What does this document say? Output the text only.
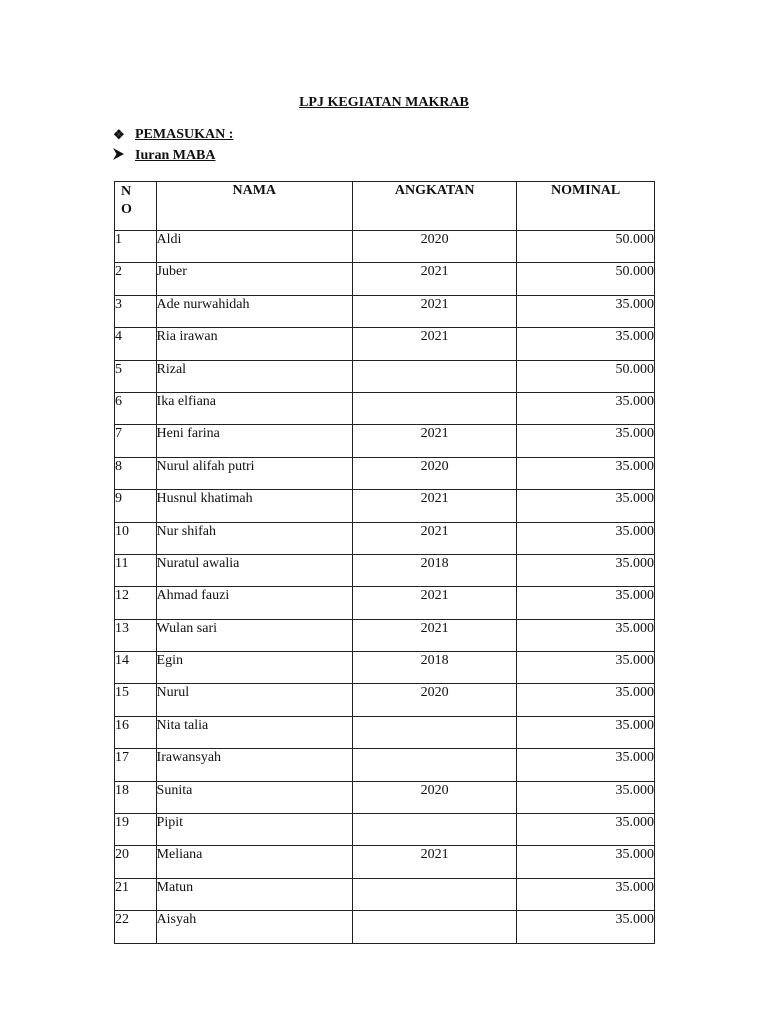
LPJ KEGIATAN MAKRAB
❖ PEMASUKAN :
Iuran MABA
N
O	NAMA	ANGKATAN	NOMINAL
1	Aldi	2020	50.000
2	Juber	2021	50.000
3	Ade nurwahidah	2021	35.000
4	Ria irawan	2021	35.000
5	Rizal		50.000
6	Ika elfiana		35.000
7	Heni farina	2021	35.000
8	Nurul alifah putri	2020	35.000
9	Husnul khatimah	2021	35.000
10	Nur shifah	2021	35.000
11	Nuratul awalia	2018	35.000
12	Ahmad fauzi	2021	35.000
13	Wulan sari	2021	35.000
14	Egin	2018	35.000
15	Nurul	2020	35.000
16	Nita talia		35.000
17	Irawansyah		35.000
18	Sunita	2020	35.000
19	Pipit		35.000
20	Meliana	2021	35.000
21	Matun		35.000
22	Aisyah		35.000
